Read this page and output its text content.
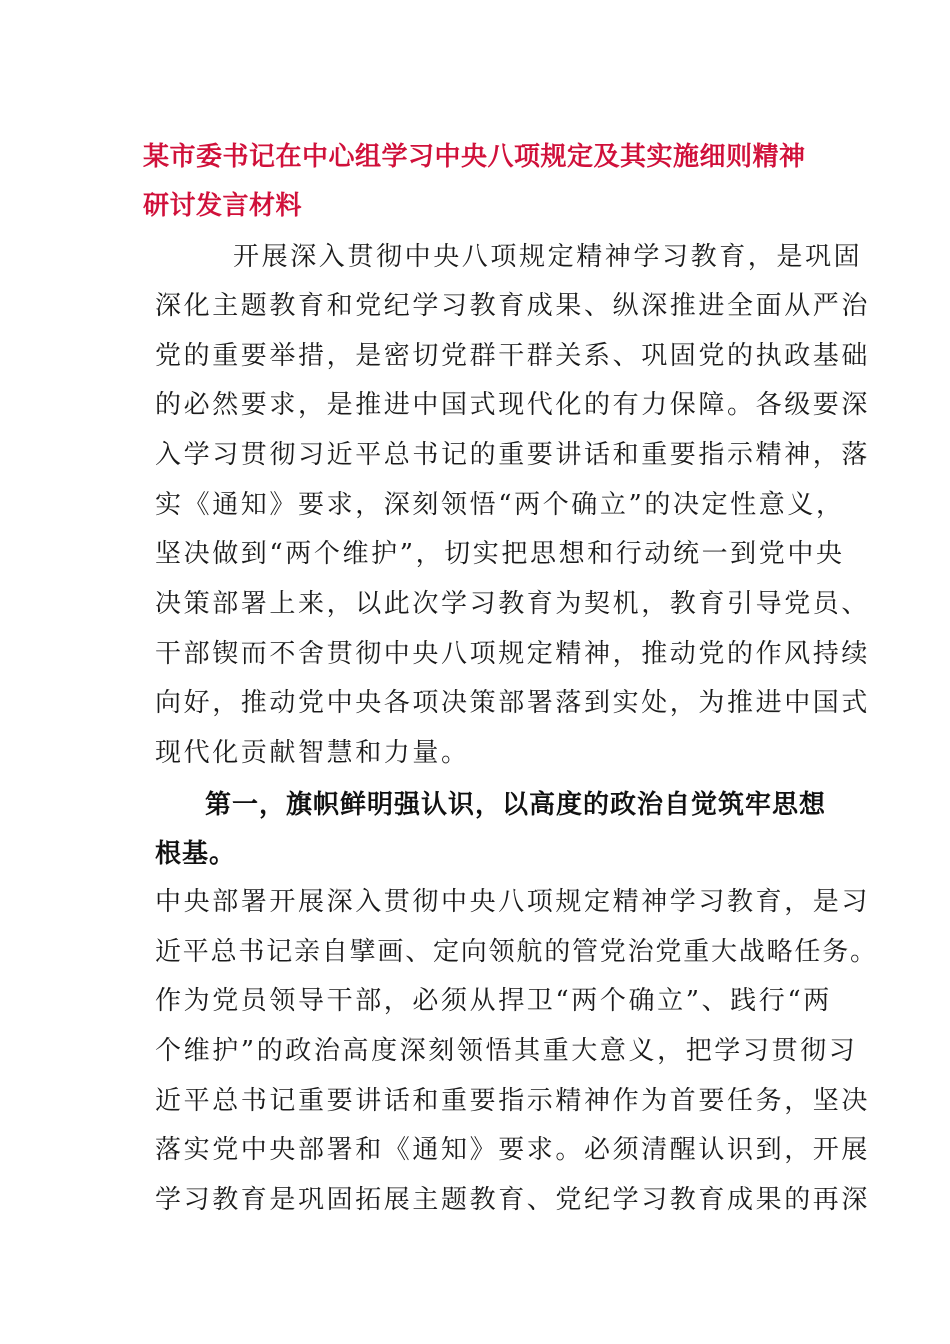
某市委书记在中心组学习中央八项规定及其实施细则精神
研讨发言材料
开展深入贯彻中央八项规定精神学习教育，是巩固
深化主题教育和党纪学习教育成果、纵深推进全面从严治
党的重要举措，是密切党群干群关系、巩固党的执政基础
的必然要求，是推进中国式现代化的有力保障。各级要深
入学习贯彻习近平总书记的重要讲话和重要指示精神，落
实《通知》要求，深刻领悟“两个确立”的决定性意义，
坚决做到“两个维护”，切实把思想和行动统一到党中央
决策部署上来，以此次学习教育为契机，教育引导党员、
干部锲而不舍贯彻中央八项规定精神，推动党的作风持续
向好，推动党中央各项决策部署落到实处，为推进中国式
现代化贡献智慧和力量。
第一，旗帜鲜明强认识，以高度的政治自觉筑牢思想
根基。
中央部署开展深入贯彻中央八项规定精神学习教育，是习
近平总书记亲自擘画、定向领航的管党治党重大战略任务。
作为党员领导干部，必须从捍卫“两个确立”、践行“两
个维护”的政治高度深刻领悟其重大意义，把学习贯彻习
近平总书记重要讲话和重要指示精神作为首要任务，坚决
落实党中央部署和《通知》要求。必须清醒认识到，开展
学习教育是巩固拓展主题教育、党纪学习教育成果的再深
